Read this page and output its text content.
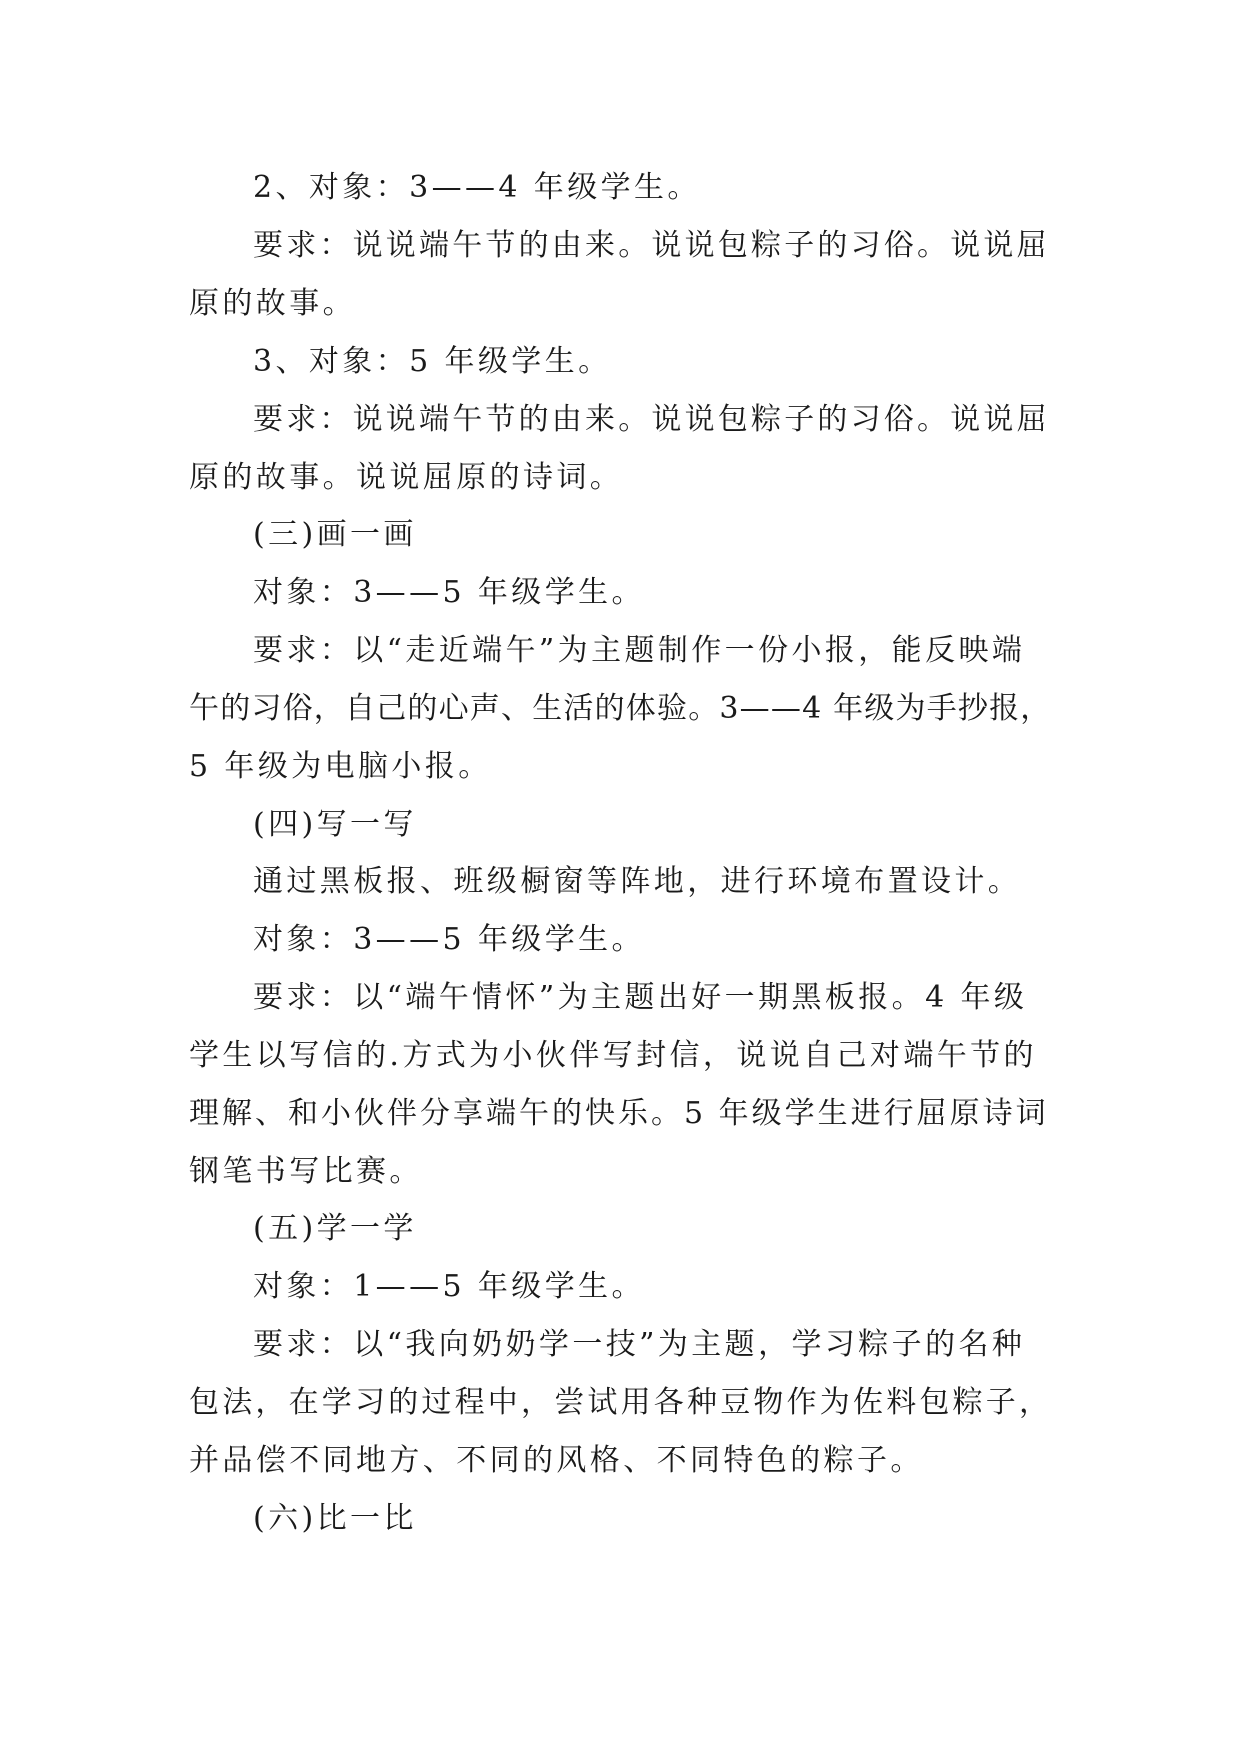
2、对象：3——4 年级学生。

要求：说说端午节的由来。说说包粽子的习俗。说说屈

原的故事。

3、对象：5 年级学生。

要求：说说端午节的由来。说说包粽子的习俗。说说屈

原的故事。说说屈原的诗词。

(三)画一画

对象：3——5 年级学生。

要求：以“走近端午”为主题制作一份小报，能反映端

午的习俗，自己的心声、生活的体验。3——4 年级为手抄报，

5 年级为电脑小报。

(四)写一写

通过黑板报、班级橱窗等阵地，进行环境布置设计。

对象：3——5 年级学生。

要求：以“端午情怀”为主题出好一期黑板报。4 年级

学生以写信的.方式为小伙伴写封信，说说自己对端午节的

理解、和小伙伴分享端午的快乐。5 年级学生进行屈原诗词

钢笔书写比赛。

(五)学一学

对象：1——5 年级学生。

要求：以“我向奶奶学一技”为主题，学习粽子的名种

包法，在学习的过程中，尝试用各种豆物作为佐料包粽子，

并品偿不同地方、不同的风格、不同特色的粽子。

(六)比一比
